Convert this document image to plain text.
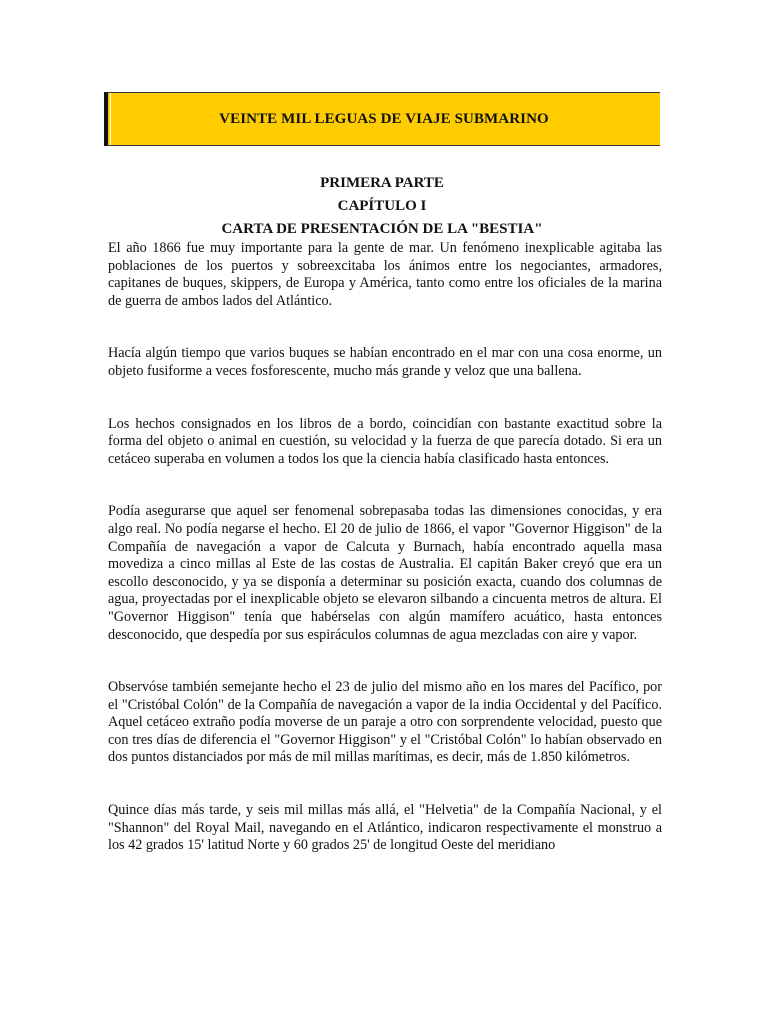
VEINTE MIL LEGUAS DE VIAJE SUBMARINO
PRIMERA PARTE
CAPÍTULO I
CARTA DE PRESENTACIÓN DE LA "BESTIA"

El año 1866 fue muy importante para la gente de mar. Un fenómeno inexplicable agitaba las poblaciones de los puertos y sobreexcitaba los ánimos entre los negociantes, armadores, capitanes de buques, skippers, de Europa y América, tanto como entre los oficiales de la marina de guerra de ambos lados del Atlántico.

Hacía algún tiempo que varios buques se habían encontrado en el mar con una cosa enorme, un objeto fusiforme a veces fosforescente, mucho más grande y veloz que una ballena.

Los hechos consignados en los libros de a bordo, coincidían con bastante exactitud sobre la forma del objeto o animal en cuestión, su velocidad y la fuerza de que parecía dotado. Si era un cetáceo superaba en volumen a todos los que la ciencia había clasificado hasta entonces.

Podía asegurarse que aquel ser fenomenal sobrepasaba todas las dimensiones conocidas, y era algo real. No podía negarse el hecho. El 20 de julio de 1866, el vapor "Governor Higgison" de la Compañía de navegación a vapor de Calcuta y Burnach, había encontrado aquella masa movediza a cinco millas al Este de las costas de Australia. El capitán Baker creyó que era un escollo desconocido, y ya se disponía a determinar su posición exacta, cuando dos columnas de agua, proyectadas por el inexplicable objeto se elevaron silbando a cincuenta metros de altura. El "Governor Higgison" tenía que habérselas con algún mamífero acuático, hasta entonces desconocido, que despedía por sus espiráculos columnas de agua mezcladas con aire y vapor.

Observóse también semejante hecho el 23 de julio del mismo año en los mares del Pacífico, por el "Cristóbal Colón" de la Compañía de navegación a vapor de la india Occidental y del Pacífico. Aquel cetáceo extraño podía moverse de un paraje a otro con sorprendente velocidad, puesto que con tres días de diferencia el "Governor Higgison" y el "Cristóbal Colón" lo habían observado en dos puntos distanciados por más de mil millas marítimas, es decir, más de 1.850 kilómetros.

Quince días más tarde, y seis mil millas más allá, el "Helvetia" de la Compañía Nacional, y el "Shannon" del Royal Mail, navegando en el Atlántico, indicaron respectivamente el monstruo a los 42 grados 15' latitud Norte y 60 grados 25' de longitud Oeste del meridiano
